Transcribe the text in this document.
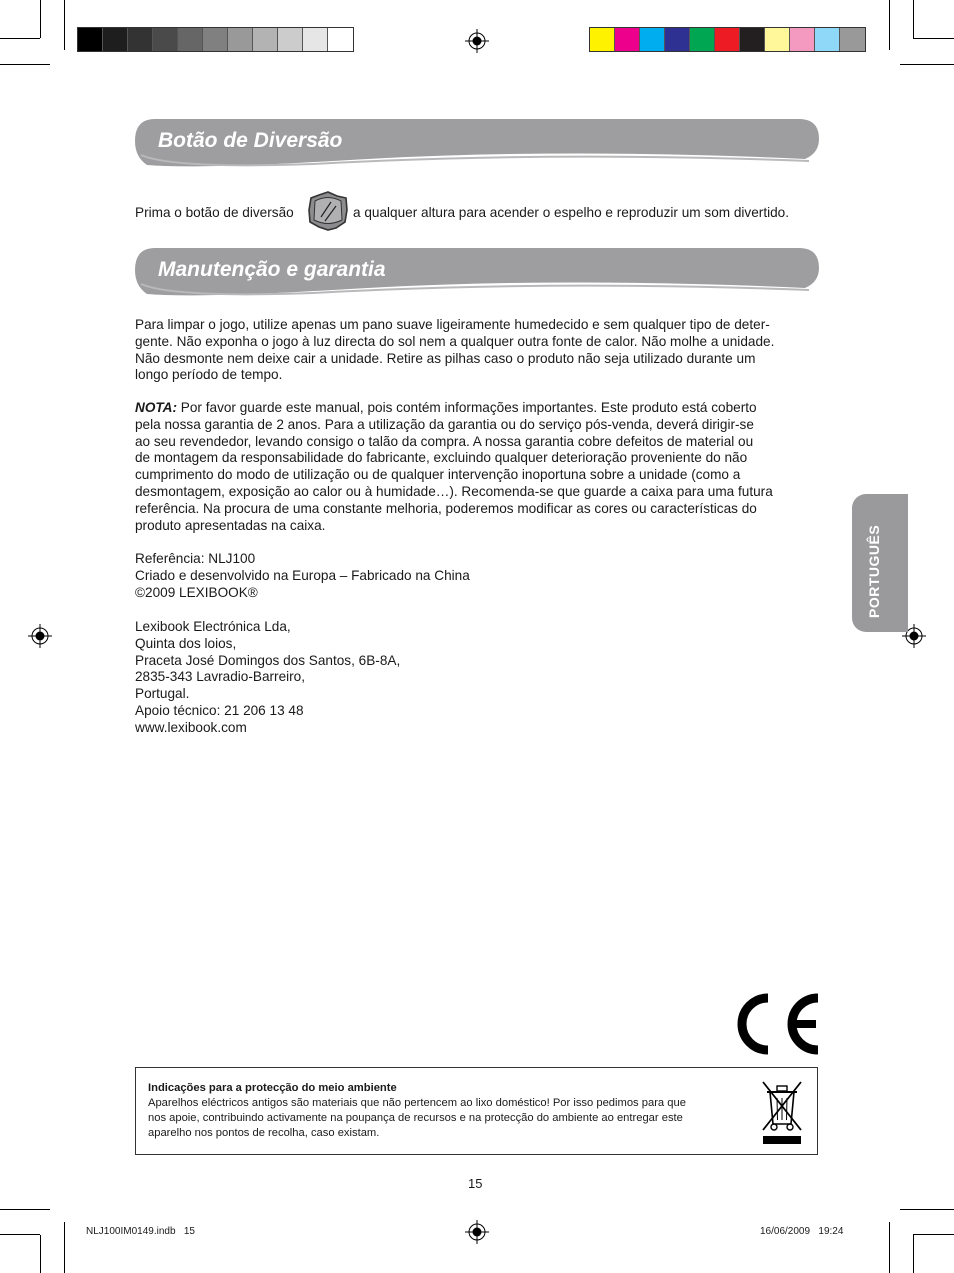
Botão de Diversão
Prima o botão de diversão	a qualquer altura para acender o espelho e reproduzir um som divertido.
Manutenção e garantia
Para limpar o jogo, utilize apenas um pano suave ligeiramente humedecido e sem qualquer tipo de deter-
gente. Não exponha o jogo à luz directa do sol nem a qualquer outra fonte de calor. Não molhe a unidade.
Não desmonte nem deixe cair a unidade. Retire as pilhas caso o produto não seja utilizado durante um
longo período de tempo.
NOTA: Por favor guarde este manual, pois contém informações importantes. Este produto está coberto
pela nossa garantia de 2 anos. Para a utilização da garantia ou do serviço pós-venda, deverá dirigir-se
ao seu revendedor, levando consigo o talão da compra. A nossa garantia cobre defeitos de material ou
de montagem da responsabilidade do fabricante, excluindo qualquer deterioração proveniente do não
cumprimento do modo de utilização ou de qualquer intervenção inoportuna sobre a unidade (como a
desmontagem, exposição ao calor ou à humidade…). Recomenda-se que guarde a caixa para uma futura
referência. Na procura de uma constante melhoria, poderemos modificar as cores ou características do
produto apresentadas na caixa.
Referência: NLJ100
Criado e desenvolvido na Europa – Fabricado na China
©2009 LEXIBOOK®
Lexibook Electrónica Lda,
Quinta dos loios,
Praceta José Domingos dos Santos, 6B-8A,
2835-343 Lavradio-Barreiro,
Portugal.
Apoio técnico: 21 206 13 48
www.lexibook.com
PORTUGUÊS
Indicações para a protecção do meio ambiente
Aparelhos eléctricos antigos são materiais que não pertencem ao lixo doméstico! Por isso pedimos para que
nos apoie, contribuindo activamente na poupança de recursos e na protecção do ambiente ao entregar este
aparelho nos pontos de recolha, caso existam.
15
NLJ100IM0149.indb   15	16/06/2009   19:24
